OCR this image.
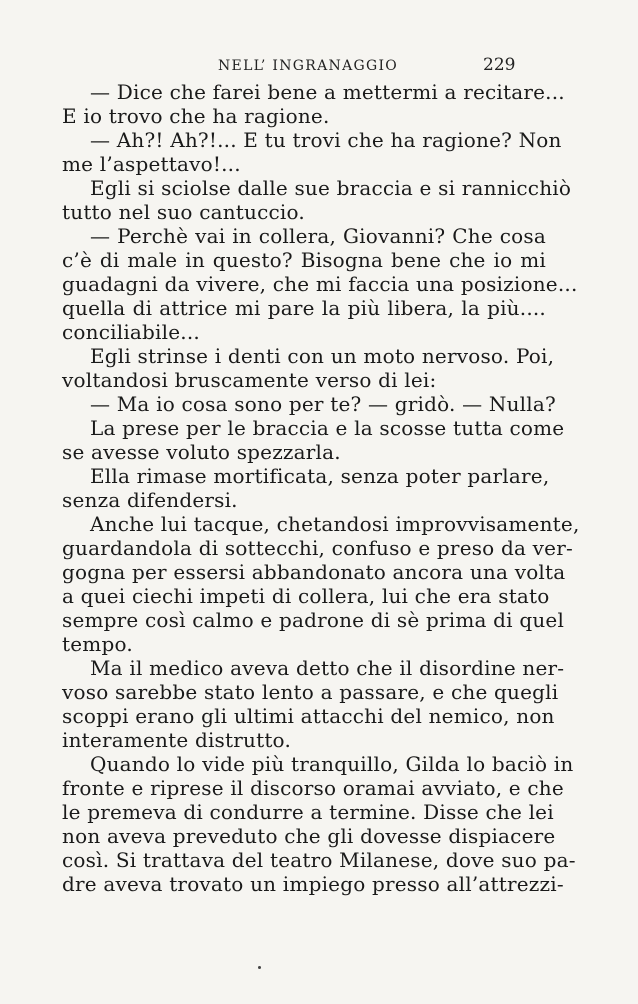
NELL’ INGRANAGGIO	229
— Dice che farei bene a mettermi a recitare...
E io trovo che ha ragione.
— Ah?! Ah?!... E tu trovi che ha ragione? Non
me l’aspettavo!...
Egli si sciolse dalle sue braccia e si rannicchiò
tutto nel suo cantuccio.
— Perchè vai in collera, Giovanni? Che cosa
c’è di male in questo? Bisogna bene che io mi
guadagni da vivere, che mi faccia una posizione...
quella di attrice mi pare la più libera, la più....
conciliabile...
Egli strinse i denti con un moto nervoso. Poi,
voltandosi bruscamente verso di lei:
— Ma io cosa sono per te? — gridò. — Nulla?
La prese per le braccia e la scosse tutta come
se avesse voluto spezzarla.
Ella rimase mortificata, senza poter parlare,
senza difendersi.
Anche lui tacque, chetandosi improvvisamente,
guardandola di sottecchi, confuso e preso da ver-
gogna per essersi abbandonato ancora una volta
a quei ciechi impeti di collera, lui che era stato
sempre così calmo e padrone di sè prima di quel
tempo.
Ma il medico aveva detto che il disordine ner-
voso sarebbe stato lento a passare, e che quegli
scoppi erano gli ultimi attacchi del nemico, non
interamente distrutto.
Quando lo vide più tranquillo, Gilda lo baciò in
fronte e riprese il discorso oramai avviato, e che
le premeva di condurre a termine. Disse che lei
non aveva preveduto che gli dovesse dispiacere
così. Si trattava del teatro Milanese, dove suo pa-
dre aveva trovato un impiego presso all’attrezzi-
